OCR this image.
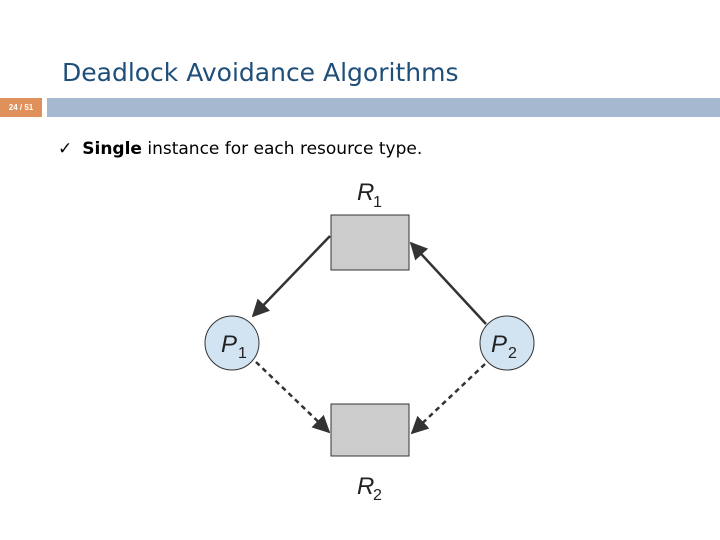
Deadlock Avoidance Algorithms
24 / 51
✓ Single instance for each resource type.
R
1
R
2
P 1	P 2
